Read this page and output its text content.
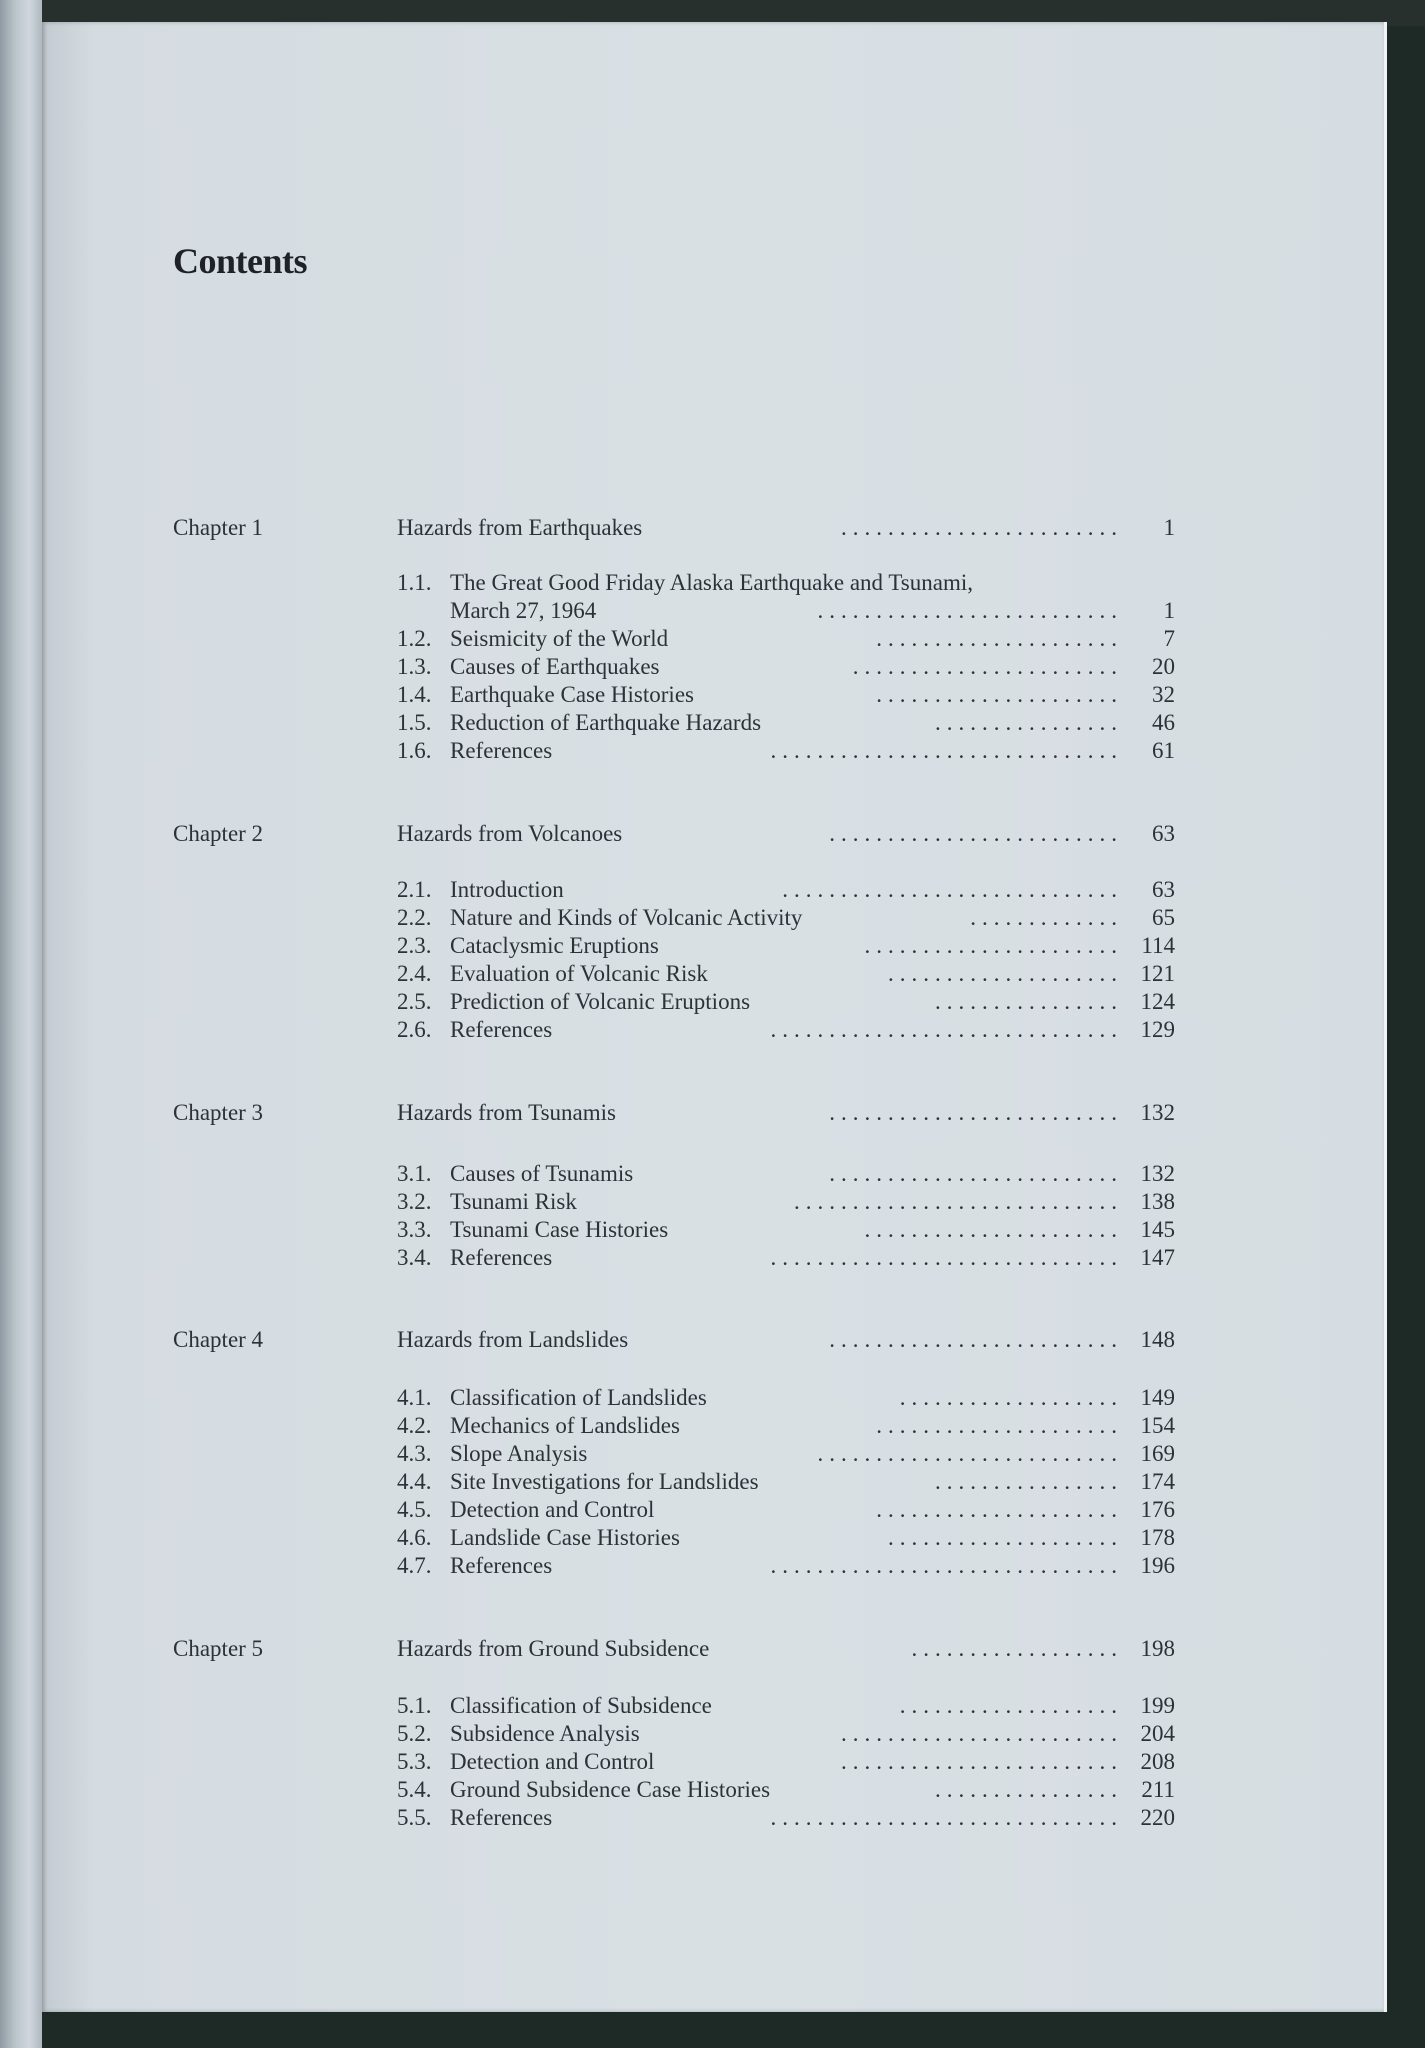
Contents
Chapter 1	Hazards from Earthquakes	........................ 1
1.1. The Great Good Friday Alaska Earthquake and Tsunami,
March 27, 1964	.......................... 1
1.2. Seismicity of the World	..................... 7
1.3. Causes of Earthquakes	....................... 20
1.4. Earthquake Case Histories	..................... 32
1.5. Reduction of Earthquake Hazards	................ 46
1.6. References	.............................. 61
Chapter 2	Hazards from Volcanoes	......................... 63
2.1. Introduction	............................. 63
2.2. Nature and Kinds of Volcanic Activity	............. 65
2.3. Cataclysmic Eruptions	...................... 114
2.4. Evaluation of Volcanic Risk	.................... 121
2.5. Prediction of Volcanic Eruptions	................ 124
2.6. References	.............................. 129
Chapter 3	Hazards from Tsunamis	......................... 132
3.1. Causes of Tsunamis	......................... 132
3.2. Tsunami Risk	............................ 138
3.3. Tsunami Case Histories	...................... 145
3.4. References	.............................. 147
Chapter 4	Hazards from Landslides	......................... 148
4.1. Classification of Landslides	................... 149
4.2. Mechanics of Landslides	..................... 154
4.3. Slope Analysis	.......................... 169
4.4. Site Investigations for Landslides	................ 174
4.5. Detection and Control	..................... 176
4.6. Landslide Case Histories	.................... 178
4.7. References	.............................. 196
Chapter 5	Hazards from Ground Subsidence	.................. 198
5.1. Classification of Subsidence	................... 199
5.2. Subsidence Analysis	........................ 204
5.3. Detection and Control	........................ 208
5.4. Ground Subsidence Case Histories	................ 211
5.5. References	.............................. 220
